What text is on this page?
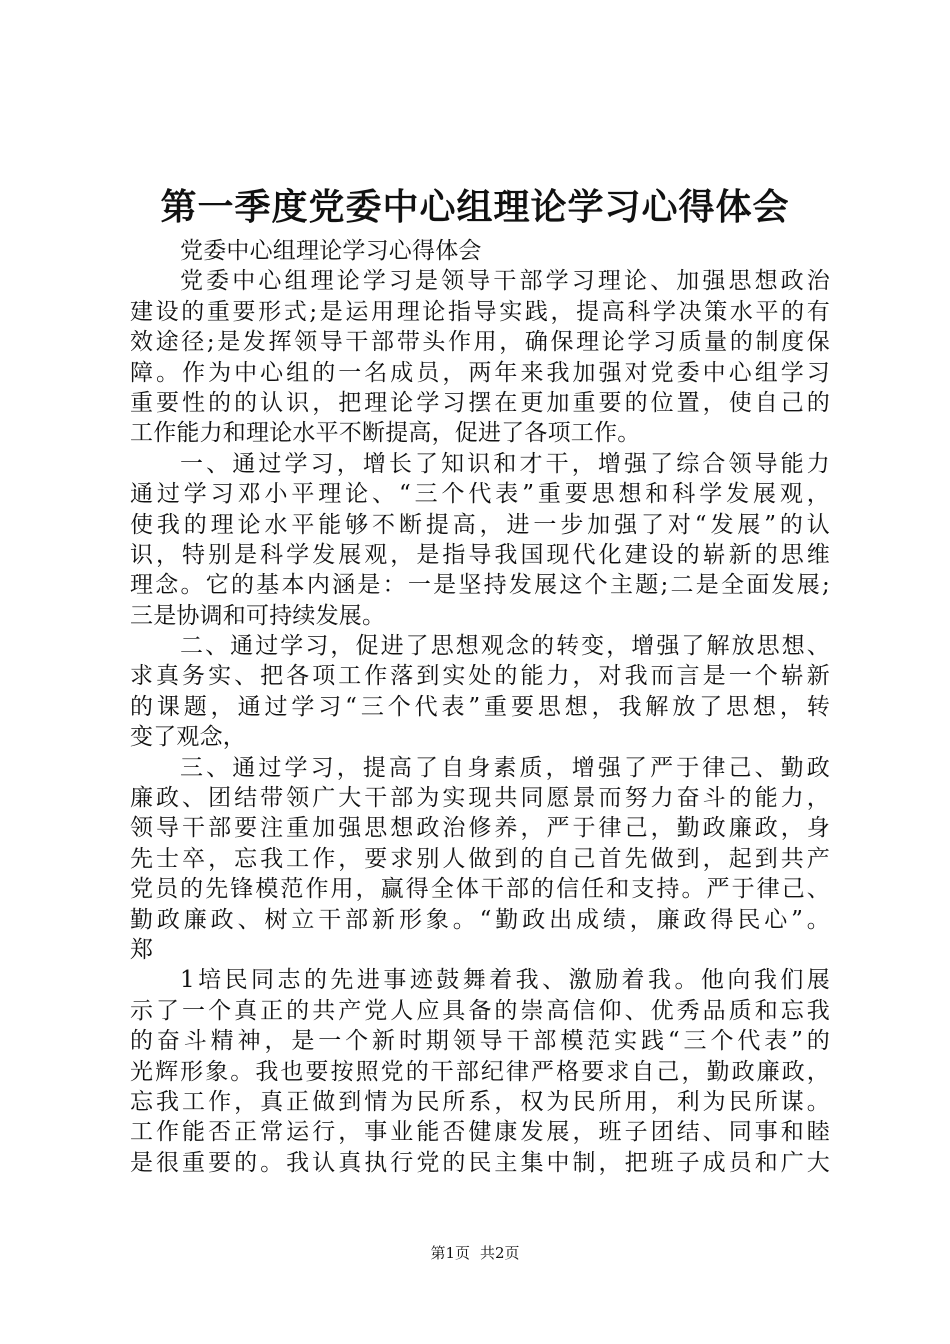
第一季度党委中心组理论学习心得体会
党委中心组理论学习心得体会
党委中心组理论学习是领导干部学习理论、加强思想政治
建设的重要形式;是运用理论指导实践，提高科学决策水平的有
效途径;是发挥领导干部带头作用，确保理论学习质量的制度保
障。作为中心组的一名成员，两年来我加强对党委中心组学习
重要性的的认识，把理论学习摆在更加重要的位置，使自己的
工作能力和理论水平不断提高，促进了各项工作。
一、通过学习，增长了知识和才干，增强了综合领导能力
通过学习邓小平理论、“三个代表”重要思想和科学发展观，
使我的理论水平能够不断提高，进一步加强了对“发展”的认
识，特别是科学发展观，是指导我国现代化建设的崭新的思维
理念。它的基本内涵是：一是坚持发展这个主题;二是全面发展;
三是协调和可持续发展。
二、通过学习，促进了思想观念的转变，增强了解放思想、
求真务实、把各项工作落到实处的能力，对我而言是一个崭新
的课题，通过学习“三个代表”重要思想，我解放了思想，转
变了观念，
三、通过学习，提高了自身素质，增强了严于律己、勤政
廉政、团结带领广大干部为实现共同愿景而努力奋斗的能力，
领导干部要注重加强思想政治修养，严于律己，勤政廉政，身
先士卒，忘我工作，要求别人做到的自己首先做到，起到共产
党员的先锋模范作用，赢得全体干部的信任和支持。严于律己、
勤政廉政、树立干部新形象。“勤政出成绩，廉政得民心”。
郑
1培民同志的先进事迹鼓舞着我、激励着我。他向我们展
示了一个真正的共产党人应具备的崇高信仰、优秀品质和忘我
的奋斗精神，是一个新时期领导干部模范实践“三个代表”的
光辉形象。我也要按照党的干部纪律严格要求自己，勤政廉政，
忘我工作，真正做到情为民所系，权为民所用，利为民所谋。
工作能否正常运行，事业能否健康发展，班子团结、同事和睦
是很重要的。我认真执行党的民主集中制，把班子成员和广大
第1页 共2页
